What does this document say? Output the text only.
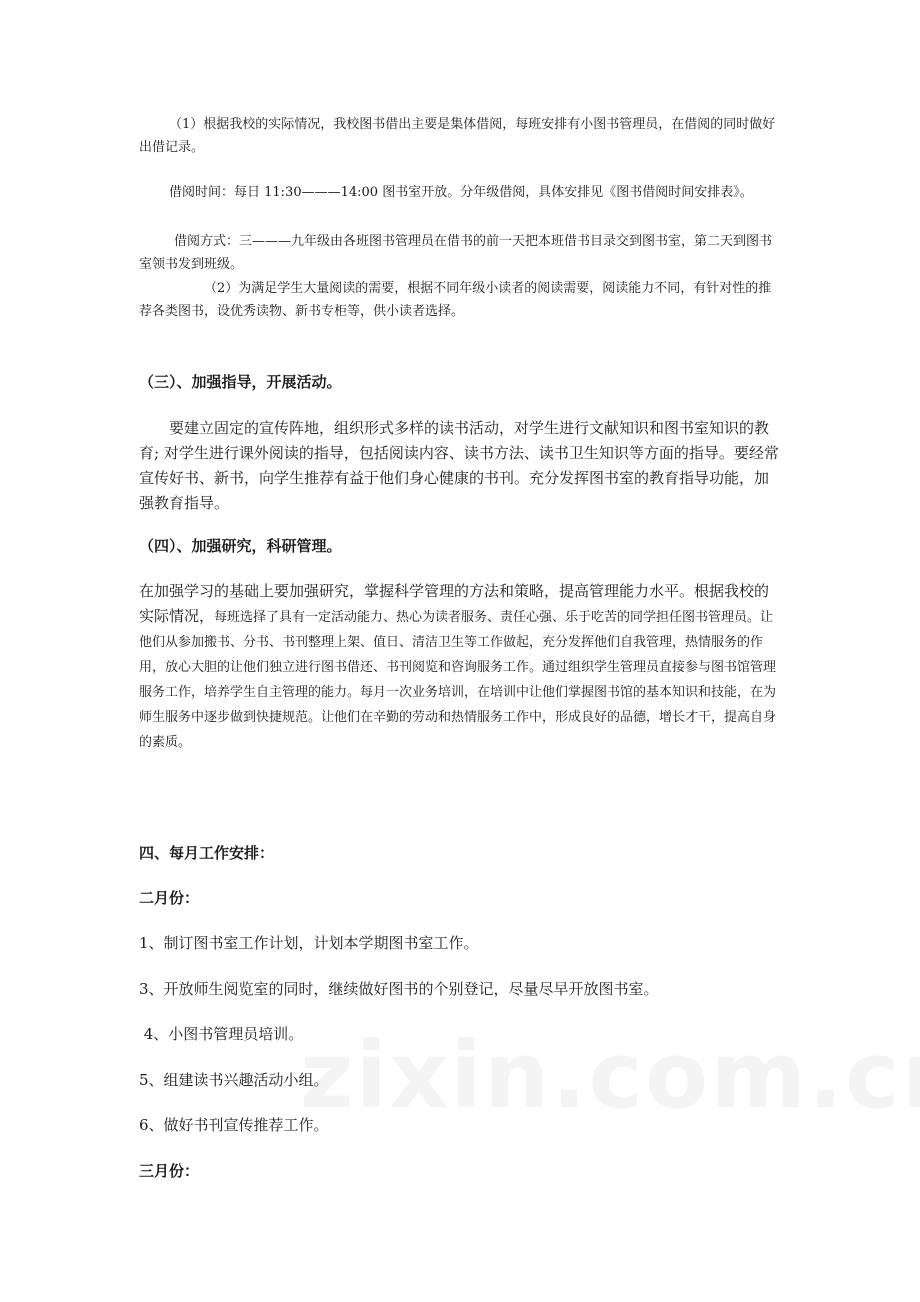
（1）根据我校的实际情况，我校图书借出主要是集体借阅，每班安排有小图书管理员，在借阅的同时做好出借记录。

借阅时间：每日 11:30———14:00 图书室开放。分年级借阅，具体安排见《图书借阅时间安排表》。

借阅方式：三———九年级由各班图书管理员在借书的前一天把本班借书目录交到图书室，第二天到图书室领书发到班级。

（2）为满足学生大量阅读的需要，根据不同年级小读者的阅读需要，阅读能力不同，有针对性的推荐各类图书，设优秀读物、新书专柜等，供小读者选择。

（三）、加强指导，开展活动。

要建立固定的宣传阵地，组织形式多样的读书活动，对学生进行文献知识和图书室知识的教育; 对学生进行课外阅读的指导，包括阅读内容、读书方法、读书卫生知识等方面的指导。要经常宣传好书、新书，向学生推荐有益于他们身心健康的书刊。充分发挥图书室的教育指导功能，加强教育指导。

（四）、加强研究，科研管理。

在加强学习的基础上要加强研究，掌握科学管理的方法和策略，提高管理能力水平。根据我校的实际情况，每班选择了具有一定活动能力、热心为读者服务、责任心强、乐于吃苦的同学担任图书管理员。让他们从参加搬书、分书、书刊整理上架、值日、清洁卫生等工作做起，充分发挥他们自我管理，热情服务的作用，放心大胆的让他们独立进行图书借还、书刊阅览和咨询服务工作。通过组织学生管理员直接参与图书馆管理服务工作，培养学生自主管理的能力。每月一次业务培训，在培训中让他们掌握图书馆的基本知识和技能，在为师生服务中逐步做到快捷规范。让他们在辛勤的劳动和热情服务工作中，形成良好的品德，增长才干，提高自身的素质。

四、每月工作安排：
二月份：

1、制订图书室工作计划，计划本学期图书室工作。

3、开放师生阅览室的同时，继续做好图书的个别登记，尽量尽早开放图书室。

4、小图书管理员培训。

5、组建读书兴趣活动小组。

6、做好书刊宣传推荐工作。

三月份：
